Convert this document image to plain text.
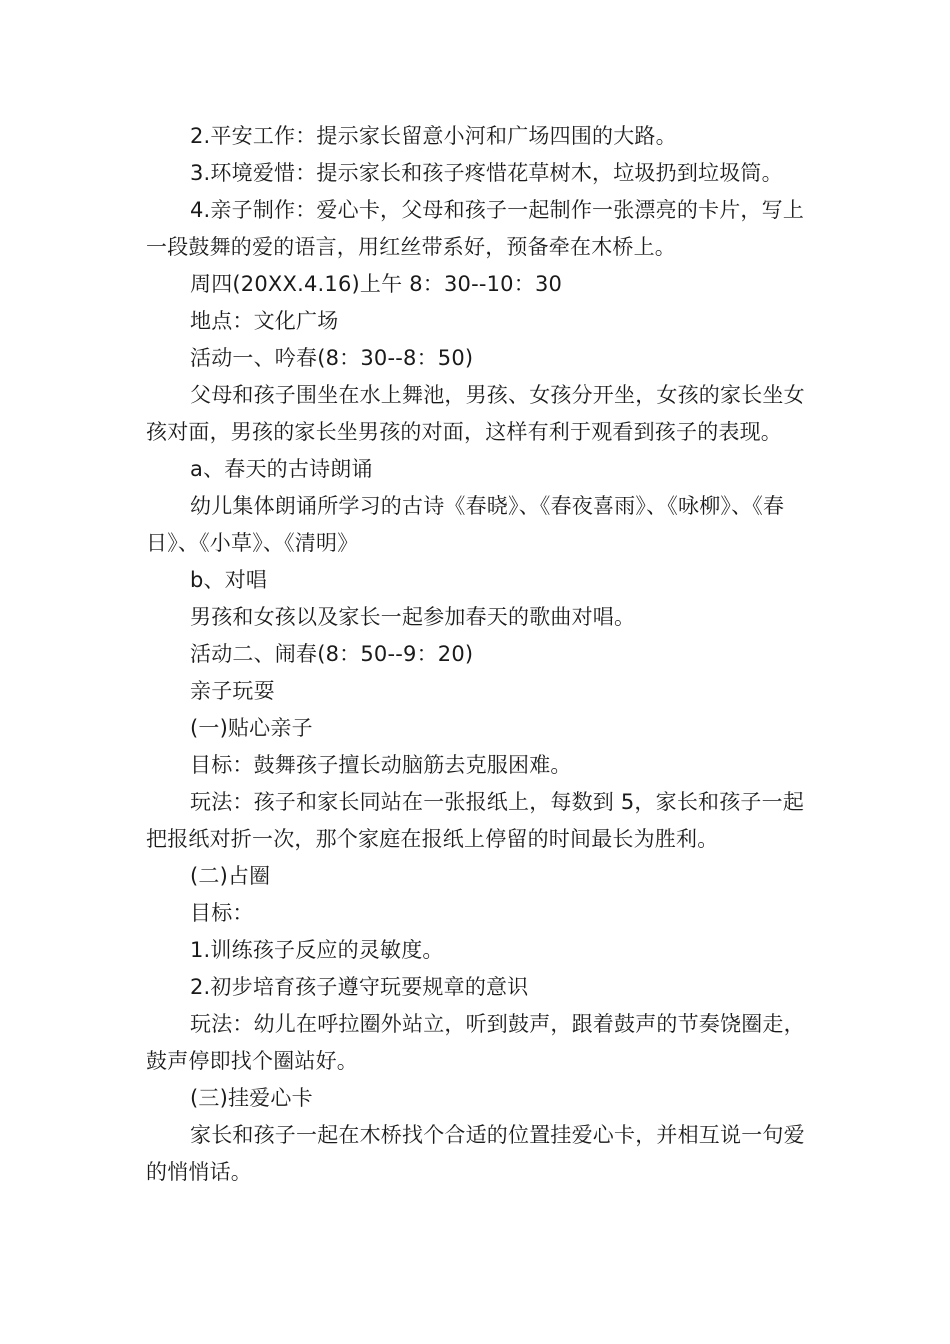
2.平安工作：提示家长留意小河和广场四围的大路。

3.环境爱惜：提示家长和孩子疼惜花草树木，垃圾扔到垃圾筒。

4.亲子制作：爱心卡，父母和孩子一起制作一张漂亮的卡片，写上一段鼓舞的爱的语言，用红丝带系好，预备牵在木桥上。

周四(20XX.4.16)上午 8：30--10：30

地点：文化广场

活动一、吟春(8：30--8：50)

父母和孩子围坐在水上舞池，男孩、女孩分开坐，女孩的家长坐女孩对面，男孩的家长坐男孩的对面，这样有利于观看到孩子的表现。

a、春天的古诗朗诵

幼儿集体朗诵所学习的古诗《春晓》、《春夜喜雨》、《咏柳》、《春日》、《小草》、《清明》

b、对唱

男孩和女孩以及家长一起参加春天的歌曲对唱。

活动二、闹春(8：50--9：20)

亲子玩耍

(一)贴心亲子

目标：鼓舞孩子擅长动脑筋去克服困难。

玩法：孩子和家长同站在一张报纸上，每数到 5，家长和孩子一起把报纸对折一次，那个家庭在报纸上停留的时间最长为胜利。

(二)占圈

目标：

1.训练孩子反应的灵敏度。

2.初步培育孩子遵守玩要规章的意识

玩法：幼儿在呼拉圈外站立，听到鼓声，跟着鼓声的节奏饶圈走，鼓声停即找个圈站好。

(三)挂爱心卡

家长和孩子一起在木桥找个合适的位置挂爱心卡，并相互说一句爱的悄悄话。
